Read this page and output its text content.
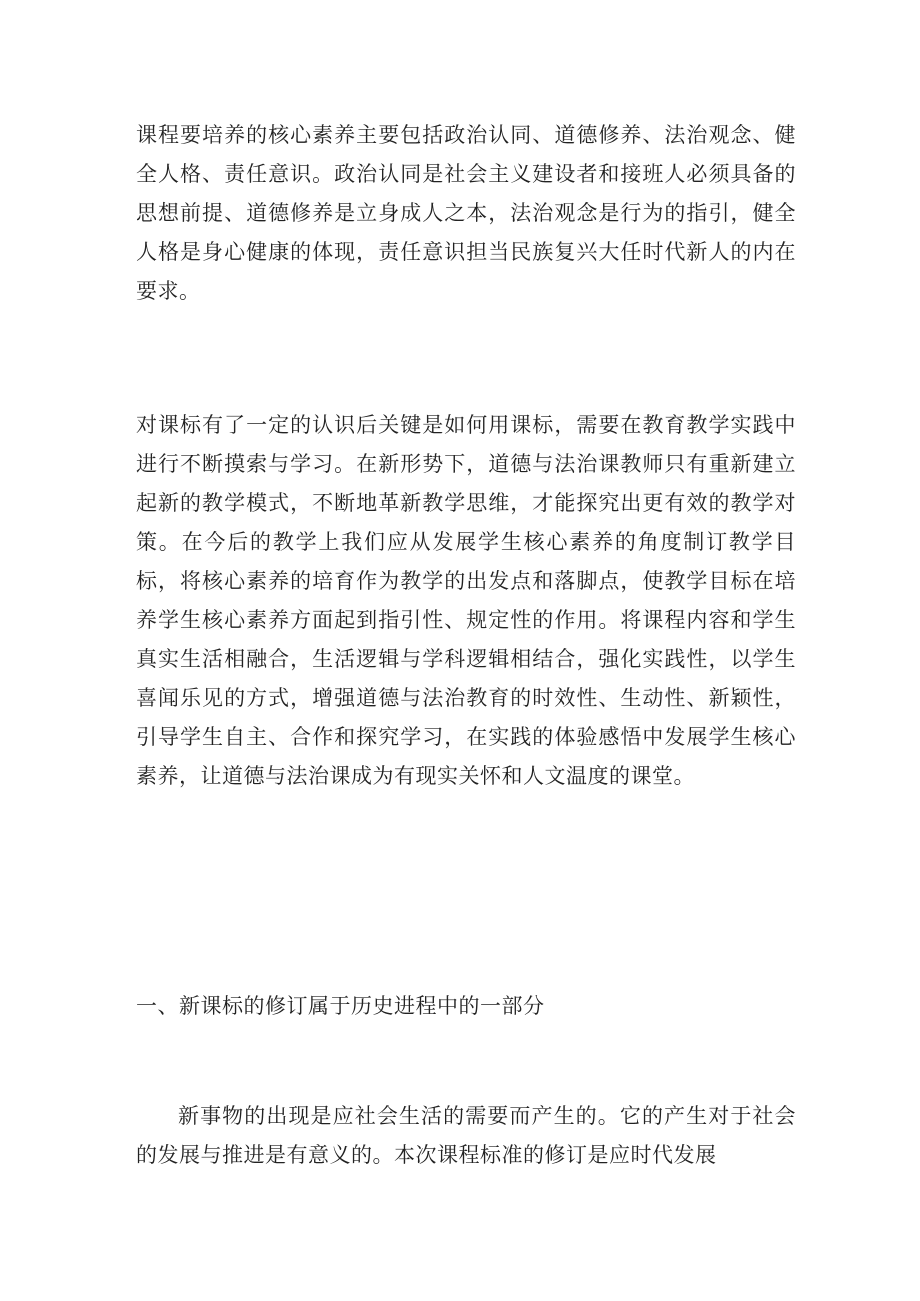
课程要培养的核心素养主要包括政治认同、道德修养、法治观念、健全人格、责任意识。政治认同是社会主义建设者和接班人必须具备的思想前提、道德修养是立身成人之本，法治观念是行为的指引，健全人格是身心健康的体现，责任意识担当民族复兴大任时代新人的内在要求。

对课标有了一定的认识后关键是如何用课标，需要在教育教学实践中进行不断摸索与学习。在新形势下，道德与法治课教师只有重新建立起新的教学模式，不断地革新教学思维，才能探究出更有效的教学对策。在今后的教学上我们应从发展学生核心素养的角度制订教学目标，将核心素养的培育作为教学的出发点和落脚点，使教学目标在培养学生核心素养方面起到指引性、规定性的作用。将课程内容和学生真实生活相融合，生活逻辑与学科逻辑相结合，强化实践性，以学生喜闻乐见的方式，增强道德与法治教育的时效性、生动性、新颖性，引导学生自主、合作和探究学习，在实践的体验感悟中发展学生核心素养，让道德与法治课成为有现实关怀和人文温度的课堂。

一、新课标的修订属于历史进程中的一部分

新事物的出现是应社会生活的需要而产生的。它的产生对于社会的发展与推进是有意义的。本次课程标准的修订是应时代发展
